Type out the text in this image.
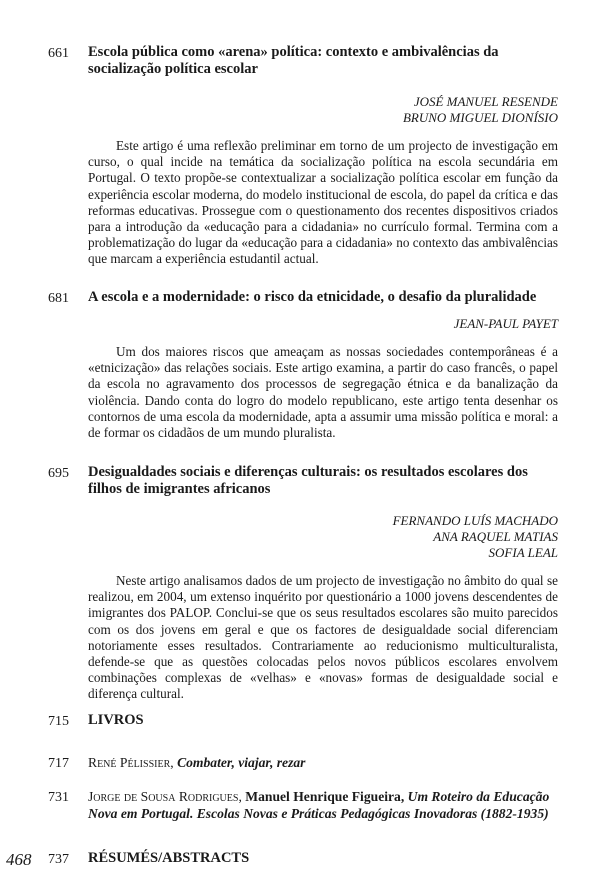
661 Escola pública como «arena» política: contexto e ambivalências da socialização política escolar
JOSÉ MANUEL RESENDE
BRUNO MIGUEL DIONÍSIO
Este artigo é uma reflexão preliminar em torno de um projecto de investigação em curso, o qual incide na temática da socialização política na escola secundária em Portugal. O texto propõe-se contextualizar a socialização política escolar em função da experiência escolar moderna, do modelo institucional de escola, do papel da crítica e das reformas educativas. Prossegue com o questionamento dos recentes dispositivos criados para a introdução da «educação para a cidadania» no currículo formal. Termina com a problematização do lugar da «educação para a cidadania» no contexto das ambivalências que marcam a experiência estudantil actual.
681 A escola e a modernidade: o risco da etnicidade, o desafio da pluralidade
JEAN-PAUL PAYET
Um dos maiores riscos que ameaçam as nossas sociedades contemporâneas é a «etnicização» das relações sociais. Este artigo examina, a partir do caso francês, o papel da escola no agravamento dos processos de segregação étnica e da banalização da violência. Dando conta do logro do modelo republicano, este artigo tenta desenhar os contornos de uma escola da modernidade, apta a assumir uma missão política e moral: a de formar os cidadãos de um mundo pluralista.
695 Desigualdades sociais e diferenças culturais: os resultados escolares dos filhos de imigrantes africanos
FERNANDO LUÍS MACHADO
ANA RAQUEL MATIAS
SOFIA LEAL
Neste artigo analisamos dados de um projecto de investigação no âmbito do qual se realizou, em 2004, um extenso inquérito por questionário a 1000 jovens descendentes de imigrantes dos PALOP. Conclui-se que os seus resultados escolares são muito parecidos com os dos jovens em geral e que os factores de desigualdade social diferenciam notoriamente esses resultados. Contrariamente ao reducionismo multiculturalista, defende-se que as questões colocadas pelos novos públicos escolares envolvem combinações complexas de «velhas» e «novas» formas de desigualdade social e diferença cultural.
715 LIVROS
717 René Pélissier, Combater, viajar, rezar
731 Jorge de Sousa Rodrigues, Manuel Henrique Figueira, Um Roteiro da Educação Nova em Portugal. Escolas Novas e Práticas Pedagógicas Inovadoras (1882-1935)
737 RÉSUMÉS/ABSTRACTS
468
